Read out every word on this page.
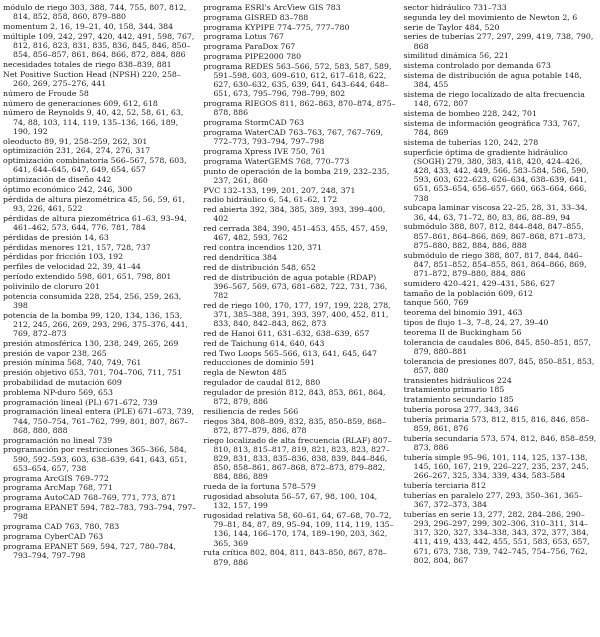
módulo de riego 303, 388, 744, 755, 807, 812, 814, 852, 858, 860, 879–880
momentum 2, 16, 19–21, 40, 158, 344, 384
múltiple 109, 242, 297, 420, 442, 491, 598, 767, 812, 816, 823, 831, 835, 836, 845, 846, 850–854, 856–857, 861, 864, 866, 872, 884, 886
necesidades totales de riego 838–839, 881
Net Positive Suction Head (NPSH) 220, 258–260, 269, 275–276, 441
número de Froude 58
número de generaciones 609, 612, 618
número de Reynolds 9, 40, 42, 52, 58, 61, 63, 74, 88, 103, 114, 119, 135–136, 166, 189, 190, 192
oleoducto 89, 91, 258–259, 262, 301
optimización 231, 264, 274, 276, 317
optimización combinatoria 566–567, 578, 603, 641, 644–645, 647, 649, 654, 657
optimización de diseño 442
óptimo económico 242, 246, 300
pérdida de altura piezométrica 45, 56, 59, 61, 93, 226, 461, 522
pérdidas de altura piezométrica 61–63, 93–94, 461–462, 573, 644, 776, 781, 784
pérdidas de presión 14, 63
pérdidas menores 121, 157, 728, 737
pérdidas por fricción 103, 192
perfiles de velocidad 22, 39, 41–44
período extendido 598, 601, 651, 798, 801
polivinilo de cloruro 201
potencia consumida 228, 254, 256, 259, 263, 398
potencia de la bomba 99, 120, 134, 136, 153, 212, 245, 266, 269, 293, 296, 375–376, 441, 769, 872–873
presión atmosférica 130, 238, 249, 265, 269
presión de vapor 238, 265
presión mínima 568, 740, 749, 761
presión objetivo 653, 701, 704–706, 711, 751
probabilidad de mutación 609
problema NP-duro 569, 653
programación lineal (PL) 671–672, 739
programación lineal entera (PLE) 671–673, 739, 744, 750–754, 761–762, 799, 801, 807, 867–868, 880, 888
programación no lineal 739
programación por restricciones 365–366, 584, 590, 592–593, 603, 638–639, 641, 643, 651, 653–654, 657, 738
programa ArcGIS 769–772
programa ArcMap 768, 771
programa AutoCAD 768–769, 771, 773, 871
programa EPANET 594, 782–783, 793–794, 797–798
programa CAD 763, 780, 783
programa CyberCAD 763
programa EPANET 569, 594, 727, 780–784, 793–794, 797–798
programa ESRI's ArcView GIS 783
programa GISRED 83–788
programa KYPIPE 774–775, 777–780
programa Lotus 767
programa ParaDox 767
programa PIPE2000 780
programa REDES 563–566, 572, 583, 587, 589, 591–598, 603, 609–610, 612, 617–618, 622, 627, 630–632, 635, 639, 641, 643–644, 648–651, 673, 795–796, 798–799, 802
programa RIEGOS 811, 862–863, 870–874, 875–878, 886
programa StormCAD 763
programa WaterCAD 763–763, 767, 767–769, 772–773, 793–794, 797–798
programa Xpress IVE 750, 761
programa WaterGEMS 768, 770–773
punto de operación de la bomba 219, 232–235, 237, 261, 860
PVC 132–133, 199, 201, 207, 248, 371
radio hidráulico 6, 54, 61–62, 172
red abierta 392, 384, 385, 389, 393, 399–400, 402
red cerrada 384, 390, 451–453, 455, 457, 459, 467, 482, 593, 762
red contra incendios 120, 371
red dendrítica 384
red de distribución 548, 652
red de distribución de agua potable (RDAP) 396–567, 569, 673, 681–682, 722, 731, 736, 782
red de riego 100, 170, 177, 197, 199, 228, 278, 371, 385–388, 391, 393, 397, 400, 452, 811, 833, 840, 842–843, 862, 873
red de Hanoi 611, 631–632, 638–639, 657
red de Taichung 614, 640, 643
red Two Loops 565–566, 613, 641, 645, 647
reducciones de dominio 591
regla de Newton 485
regulador de caudal 812, 880
regulador de presión 812, 843, 853, 861, 864, 872, 879, 886
resiliencia de redes 566
riegos 384, 808–809, 832, 835, 850–859, 868–872, 877–879, 886, 878
riego localizado de alta frecuencia (RLAF) 807–810, 813, 815–817, 819, 821, 823, 823, 827–829, 831, 833, 835–836, 838, 839, 844–846, 850, 858–861, 867–868, 872–873, 879–882, 884, 886, 889
rueda de la fortuna 578–579
rugosidad absoluta 56–57, 67, 98, 100, 104, 132, 157, 199
rugosidad relativa 58, 60–61, 64, 67–68, 70–72, 79–81, 84, 87, 89, 95–94, 109, 114, 119, 135–136, 144, 166–170, 174, 189–190, 203, 362, 365, 369
ruta crítica 802, 804, 811, 843–850, 867, 878–879, 886
sector hidráulico 731–733
segunda ley del movimiento de Newton 2, 6
serie de Taylor 484, 520
series de tuberías 277, 297, 299, 419, 738, 790, 868
similitud dinámica 56, 221
sistema controlado por demanda 673
sistema de distribución de agua potable 148, 384, 455
sistema de riego localizado de alta frecuencia 148, 672, 807
sistema de bombeo 228, 242, 701
sistema de información geográfica 733, 767, 784, 869
sistema de tuberías 120, 242, 278
superficie óptima de gradiente hidráulico (SOGH) 279, 380, 383, 418, 420, 424–426, 428, 433, 442, 449, 566, 583–584, 586, 590, 593, 603, 622–623, 626–634, 638–639, 641, 651, 653–654, 656–657, 660, 663–664, 666, 738
subcapa laminar viscosa 22–25, 28, 31, 33–34, 36, 44, 63, 71–72, 80, 83, 86, 88–89, 94
submódulo 388, 807, 812, 844–848, 847–855, 857–861, 864–866, 869, 867–868, 871–873, 875–880, 882, 884, 886, 888
submódulo de riego 388, 807, 817, 844, 846–847, 851–852, 854–855, 861, 864–866, 869, 871–872, 879–880, 884, 886
sumidero 420–421, 429–431, 586, 627
tamaño de la población 609, 612
tanque 560, 769
teorema del binomio 391, 463
tipos de flujo 1–3, 7–8, 24, 27, 39–40
teorema II de Buckingham 56
tolerancia de caudales 806, 845, 850–851, 857, 879, 880–881
tolerancia de presiones 807, 845, 850–851, 853, 857, 880
transientes hidráulicos 224
tratamiento primario 185
tratamiento secundario 185
tubería porosa 277, 343, 346
tubería primaria 573, 812, 815, 816, 846, 858–859, 861, 876
tubería secundaria 573, 574, 812, 846, 858–859, 873, 886
tubería simple 95–96, 101, 114, 125, 137–138, 145, 160, 167, 219, 226–227, 235, 237, 245, 266–267, 325, 334, 339, 434, 583–584
tubería terciaria 812
tuberías en paralelo 277, 293, 350–361, 365–367, 372–373, 384
tuberías en serie 13, 277, 282, 284–286, 290–293, 296–297, 299, 302–306, 310–311, 314–317, 320, 327, 334–338, 343, 372, 377, 384, 411, 419, 433, 442, 455, 551, 583, 653, 657, 671, 673, 738, 739, 742–745, 754–756, 762, 802, 804, 867
